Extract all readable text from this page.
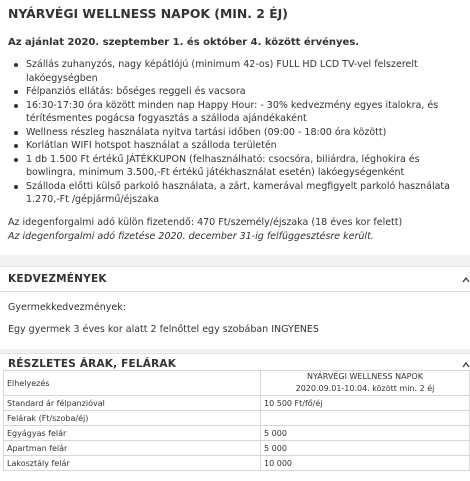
NYÁRVÉGI WELLNESS NAPOK (MIN. 2 ÉJ)
Az ajánlat 2020. szeptember 1. és október 4. között érvényes.
Szállás zuhanyzós, nagy képátlójú (minimum 42-os) FULL HD LCD TV-vel felszerelt lakóegységben
Félpanziós ellátás: bőséges reggeli és vacsora
16:30-17:30 óra között minden nap Happy Hour: - 30% kedvezmény egyes italokra, és térítésmentes pogácsa fogyasztás a szálloda ajándékaként
Wellness részleg használata nyitva tartási időben (09:00 - 18:00 óra között)
Korlátlan WIFI hotspot használat a szálloda területén
1 db 1.500 Ft értékű JÁTÉKKUPON (felhasználható: csocsóra, biliárdra, léghokira és bowlingra, minimum 3.500,-Ft értékű játékhasználat esetén) lakóegységenként
Szálloda előtti külső parkoló használata, a zárt, kamerával megfigyelt parkoló használata 1.270,-Ft /gépjármű/éjszaka
Az idegenforgalmi adó külön fizetendő: 470 Ft/személy/éjszaka (18 éves kor felett)
Az idegenforgalmi adó fizetése 2020. december 31-ig felfüggesztésre került.
KEDVEZMÉNYEK
Gyermekkedvezmények:
Egy gyermek 3 éves kor alatt 2 felnőttel egy szobában INGYENES
RÉSZLETES ÁRAK, FELÁRAK
Elhelyezés	NYÁRVÉGI WELLNESS NAPOK
2020.09.01-10.04. között min. 2 éj

Standard ár félpanzióval	10 500 Ft/fő/éj
Felárak (Ft/szoba/éj)	
Egyágyas felár	5 000
Apartman felár	5 000
Lakosztály felár	10 000
